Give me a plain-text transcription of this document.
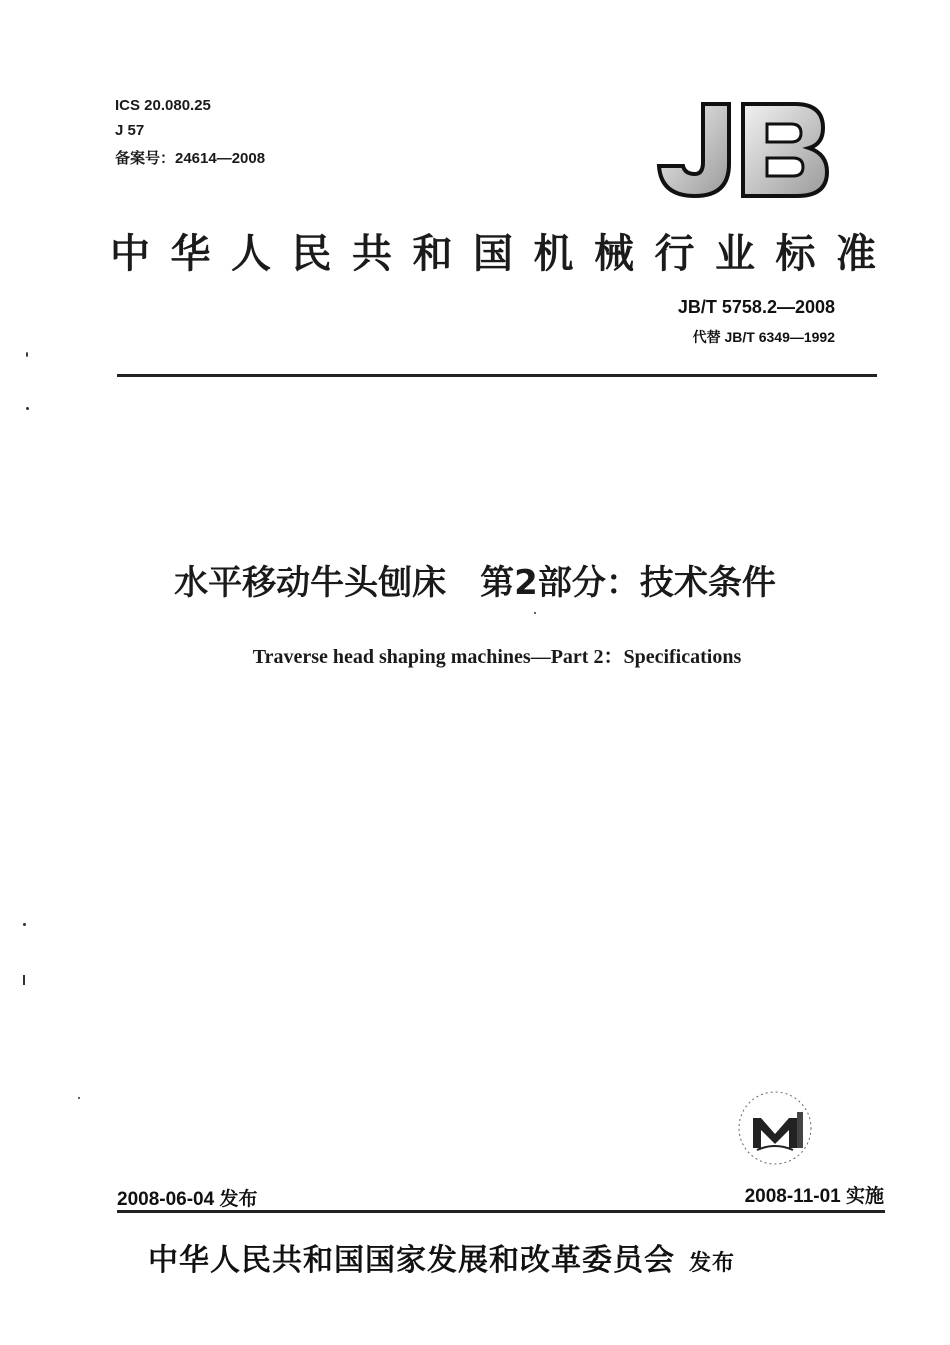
ICS 20.080.25
J 57
备案号：24614—2008
中华人民共和国机械行业标准
JB/T 5758.2—2008
代替 JB/T 6349—1992
水平移动牛头刨床　第2部分：技术条件
Traverse head shaping machines—Part 2：Specifications
2008-06-04 发布	2008-11-01 实施
中华人民共和国国家发展和改革委员会 发布
